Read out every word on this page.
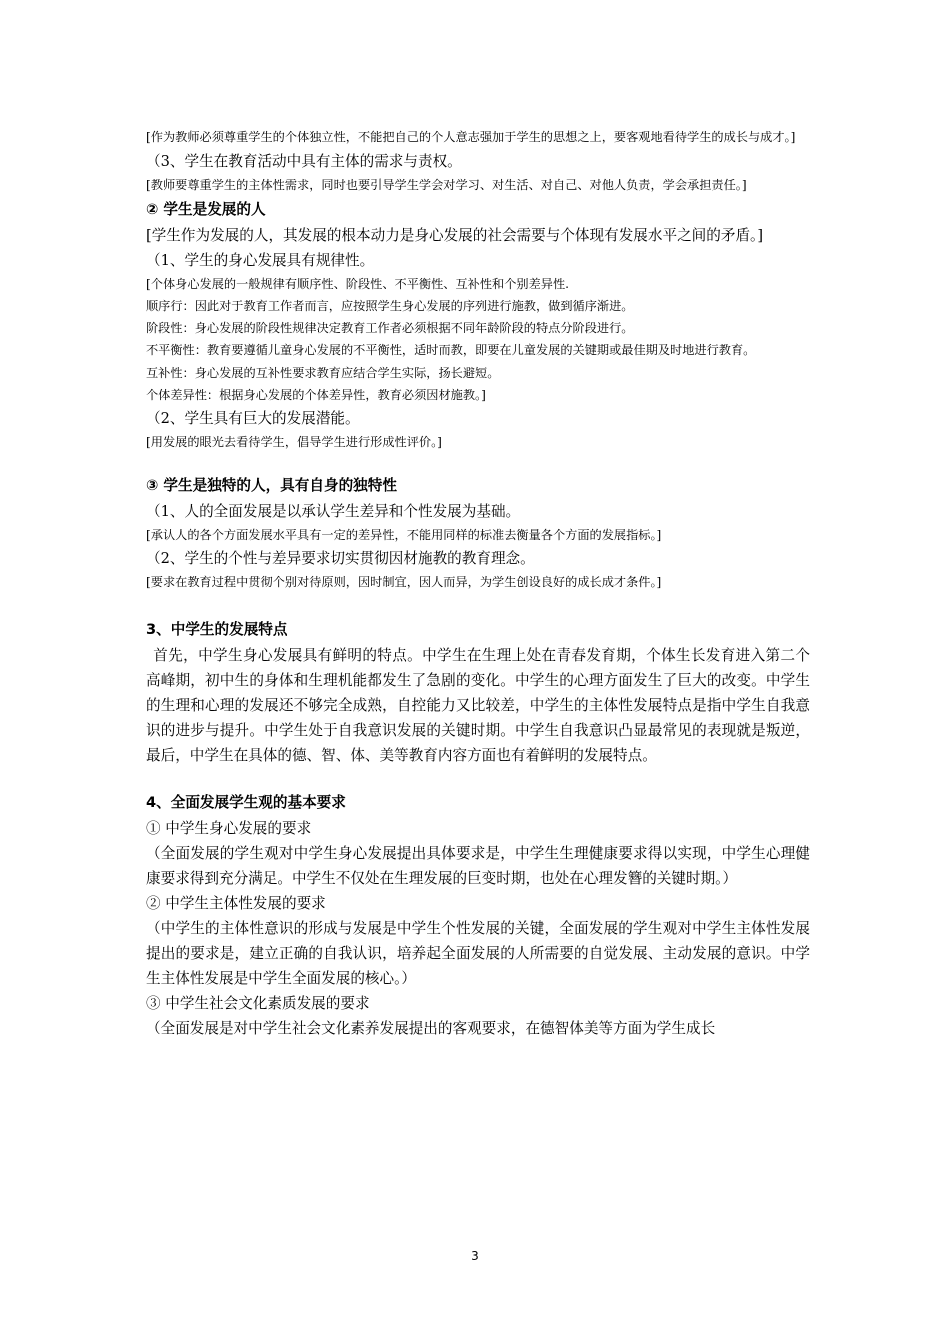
[作为教师必须尊重学生的个体独立性，不能把自己的个人意志强加于学生的思想之上，要客观地看待学生的成长与成才。]

（3、学生在教育活动中具有主体的需求与责权。

[教师要尊重学生的主体性需求，同时也要引导学生学会对学习、对生活、对自己、对他人负责，学会承担责任。]

② 学生是发展的人

[学生作为发展的人，其发展的根本动力是身心发展的社会需要与个体现有发展水平之间的矛盾。]

（1、学生的身心发展具有规律性。

[个体身心发展的一般规律有顺序性、阶段性、不平衡性、互补性和个别差异性.

顺序行：因此对于教育工作者而言，应按照学生身心发展的序列进行施教，做到循序渐进。

阶段性：身心发展的阶段性规律决定教育工作者必须根据不同年龄阶段的特点分阶段进行。

不平衡性：教育要遵循儿童身心发展的不平衡性，适时而教，即要在儿童发展的关键期或最佳期及时地进行教育。

互补性：身心发展的互补性要求教育应结合学生实际，扬长避短。

个体差异性：根据身心发展的个体差异性，教育必须因材施教。]

（2、学生具有巨大的发展潜能。

[用发展的眼光去看待学生，倡导学生进行形成性评价。]

③ 学生是独特的人，具有自身的独特性

（1、人的全面发展是以承认学生差异和个性发展为基础。

[承认人的各个方面发展水平具有一定的差异性，不能用同样的标准去衡量各个方面的发展指标。]

（2、学生的个性与差异要求切实贯彻因材施教的教育理念。

[要求在教育过程中贯彻个别对待原则，因时制宜，因人而异，为学生创设良好的成长成才条件。]

3、中学生的发展特点

首先，中学生身心发展具有鲜明的特点。中学生在生理上处在青春发育期，个体生长发育进入第二个高峰期，初中生的身体和生理机能都发生了急剧的变化。中学生的心理方面发生了巨大的改变。中学生的生理和心理的发展还不够完全成熟，自控能力又比较差，中学生的主体性发展特点是指中学生自我意识的进步与提升。中学生处于自我意识发展的关键时期。中学生自我意识凸显最常见的表现就是叛逆，最后，中学生在具体的德、智、体、美等教育内容方面也有着鲜明的发展特点。

4、全面发展学生观的基本要求

① 中学生身心发展的要求

（全面发展的学生观对中学生身心发展提出具体要求是，中学生生理健康要求得以实现，中学生心理健康要求得到充分满足。中学生不仅处在生理发展的巨变时期，也处在心理发簪的关键时期。）

② 中学生主体性发展的要求

（中学生的主体性意识的形成与发展是中学生个性发展的关键，全面发展的学生观对中学生主体性发展提出的要求是，建立正确的自我认识，培养起全面发展的人所需要的自觉发展、主动发展的意识。中学生主体性发展是中学生全面发展的核心。）

③ 中学生社会文化素质发展的要求

（全面发展是对中学生社会文化素养发展提出的客观要求，在德智体美等方面为学生成长

3
